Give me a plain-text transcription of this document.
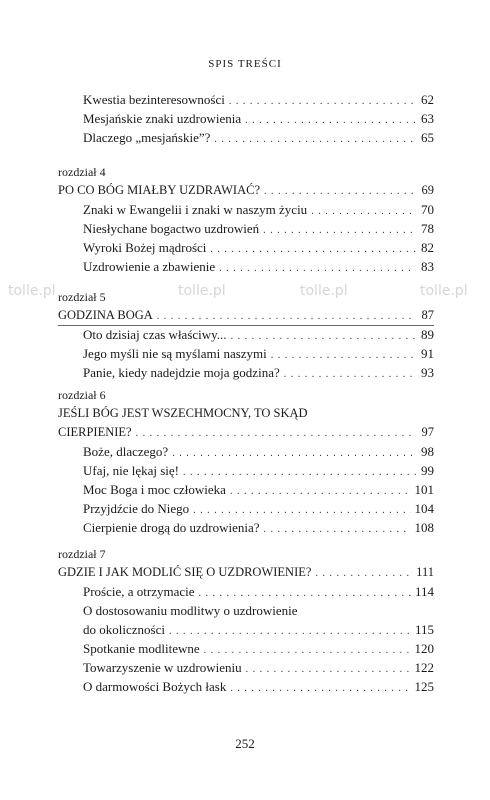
SPIS TREŚCI
Kwestia bezinteresowności . . .	62
Mesjańskie znaki uzdrowienia . . .	63
Dlaczego „mesjańskie”? . . .	65
rozdział 4
PO CO BÓG MIAŁBY UZDRAWIAĆ? . . .	69
Znaki w Ewangelii i znaki w naszym życiu . . .	70
Niesłychane bogactwo uzdrowień . . .	78
Wyroki Bożej mądrości . . .	82
Uzdrowienie a zbawienie . . .	83
tolle.pl	tolle.pl	tolle.pl	tolle.pl
rozdział 5
GODZINA BOGA . . .	87
Oto dzisiaj czas właściwy... . . .	89
Jego myśli nie są myślami naszymi . . .	91
Panie, kiedy nadejdzie moja godzina? . . .	93
rozdział 6
JEŚLI BÓG JEST WSZECHMOCNY, TO SKĄD
CIERPIENIE? . . .	97
Boże, dlaczego? . . .	98
Ufaj, nie lękaj się! . . .	99
Moc Boga i moc człowieka . . .	101
Przyjdźcie do Niego . . .	104
Cierpienie drogą do uzdrowienia? . . .	108
rozdział 7
GDZIE I JAK MODLIĆ SIĘ O UZDROWIENIE? . . .	111
Proście, a otrzymacie . . .	114
O dostosowaniu modlitwy o uzdrowienie
do okoliczności . . .	115
Spotkanie modlitewne . . .	120
Towarzyszenie w uzdrowieniu . . .	122
O darmowości Bożych łask . . .	125
252
